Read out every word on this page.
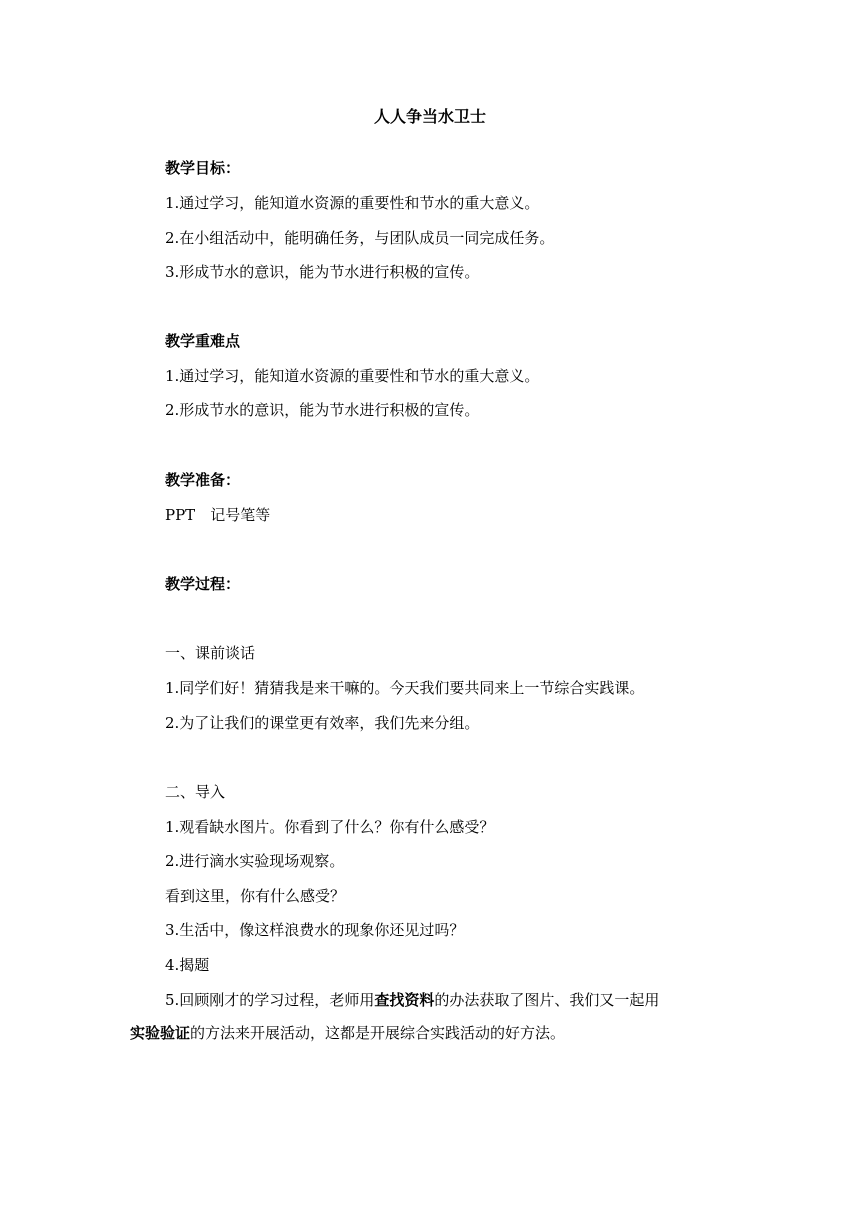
人人争当水卫士
教学目标：
1.通过学习，能知道水资源的重要性和节水的重大意义。
2.在小组活动中，能明确任务，与团队成员一同完成任务。
3.形成节水的意识，能为节水进行积极的宣传。
教学重难点
1.通过学习，能知道水资源的重要性和节水的重大意义。
2.形成节水的意识，能为节水进行积极的宣传。
教学准备：
PPT　记号笔等
教学过程：
一、课前谈话
1.同学们好！猜猜我是来干嘛的。今天我们要共同来上一节综合实践课。
2.为了让我们的课堂更有效率，我们先来分组。
二、导入
1.观看缺水图片。你看到了什么？你有什么感受？
2.进行滴水实验现场观察。
看到这里，你有什么感受？
3.生活中，像这样浪费水的现象你还见过吗？
4.揭题
5.回顾刚才的学习过程，老师用查找资料的办法获取了图片、我们又一起用
实验验证的方法来开展活动，这都是开展综合实践活动的好方法。
